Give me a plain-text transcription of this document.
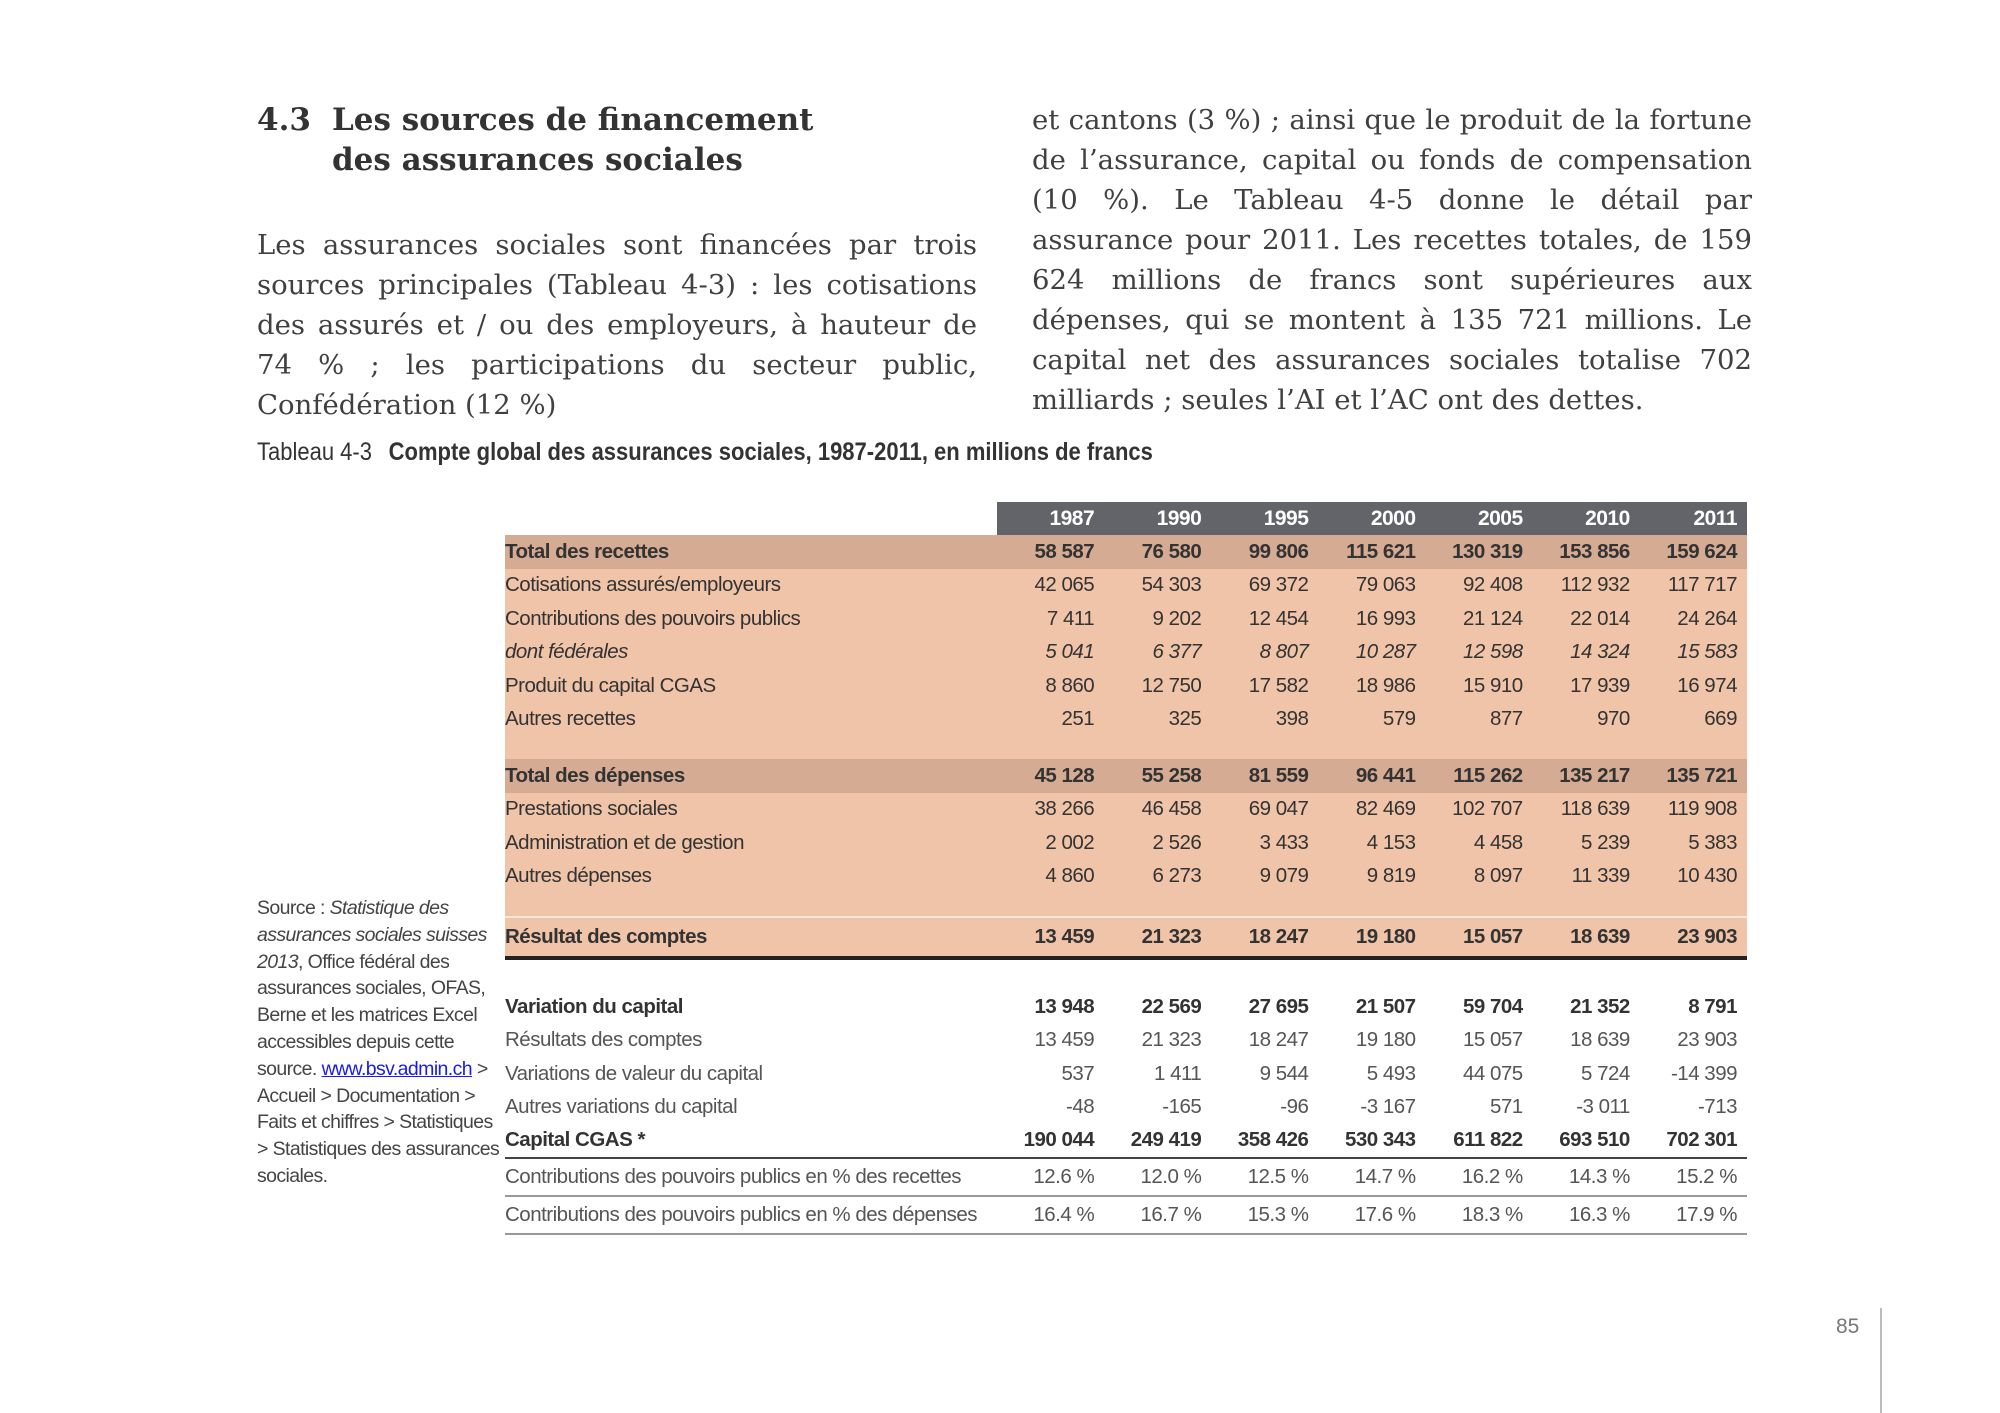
4.3 Les sources de financement
des assurances sociales

Les assurances sociales sont financées par trois sources principales (Tableau 4-3) : les cotisations des assurés et / ou des employeurs, à hauteur de 74 % ; les participations du secteur public, Confédération (12 %)

et cantons (3 %) ; ainsi que le produit de la fortune de l’assurance, capital ou fonds de compensation (10 %). Le Tableau 4-5 donne le détail par assurance pour 2011. Les recettes totales, de 159 624 millions de francs sont supérieures aux dépenses, qui se montent à 135 721 millions. Le capital net des assurances sociales totalise 702 milliards ; seules l’AI et l’AC ont des dettes.

Tableau 4-3 Compte global des assurances sociales, 1987-2011, en millions de francs
Source : Statistique des assurances sociales suisses 2013, Office fédéral des assurances sociales, OFAS, Berne et les matrices Excel accessibles depuis cette source. www.bsv.admin.ch > Accueil > Documentation > Faits et chiffres > Statistiques > Statistiques des assurances sociales.
	1987	1990	1995	2000	2005	2010	2011
Total des recettes	58 587	76 580	99 806	115 621	130 319	153 856	159 624
Cotisations assurés/employeurs	42 065	54 303	69 372	79 063	92 408	112 932	117 717
Contributions des pouvoirs publics	7 411	9 202	12 454	16 993	21 124	22 014	24 264
dont fédérales	5 041	6 377	8 807	10 287	12 598	14 324	15 583
Produit du capital CGAS	8 860	12 750	17 582	18 986	15 910	17 939	16 974
Autres recettes	251	325	398	579	877	970	669

Total des dépenses	45 128	55 258	81 559	96 441	115 262	135 217	135 721
Prestations sociales	38 266	46 458	69 047	82 469	102 707	118 639	119 908
Administration et de gestion	2 002	2 526	3 433	4 153	4 458	5 239	5 383
Autres dépenses	4 860	6 273	9 079	9 819	8 097	11 339	10 430

Résultat des comptes	13 459	21 323	18 247	19 180	15 057	18 639	23 903

Variation du capital	13 948	22 569	27 695	21 507	59 704	21 352	8 791
Résultats des comptes	13 459	21 323	18 247	19 180	15 057	18 639	23 903
Variations de valeur du capital	537	1 411	9 544	5 493	44 075	5 724	-14 399
Autres variations du capital	-48	-165	-96	-3 167	571	-3 011	-713
Capital CGAS *	190 044	249 419	358 426	530 343	611 822	693 510	702 301
Contributions des pouvoirs publics en % des recettes	12.6 %	12.0 %	12.5 %	14.7 %	16.2 %	14.3 %	15.2 %
Contributions des pouvoirs publics en % des dépenses	16.4 %	16.7 %	15.3 %	17.6 %	18.3 %	16.3 %	17.9 %
85
